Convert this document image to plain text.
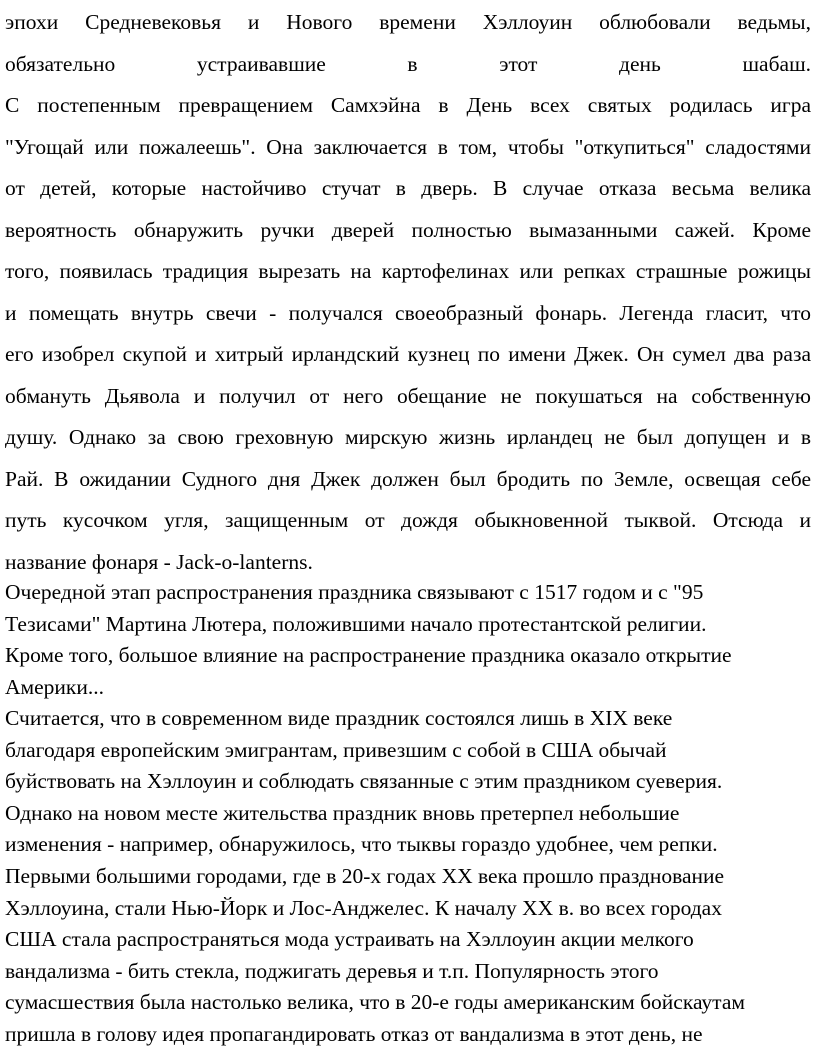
эпохи Средневековья и Нового времени Хэллоуин облюбовали ведьмы,
обязательно устраивавшие в этот день шабаш.
С постепенным превращением Самхэйна в День всех святых родилась игра
"Угощай или пожалеешь". Она заключается в том, чтобы "откупиться" сладостями
от детей, которые настойчиво стучат в дверь. В случае отказа весьма велика
вероятность обнаружить ручки дверей полностью вымазанными сажей. Кроме
того, появилась традиция вырезать на картофелинах или репках страшные рожицы
и помещать внутрь свечи - получался своеобразный фонарь. Легенда гласит, что
его изобрел скупой и хитрый ирландский кузнец по имени Джек. Он сумел два раза
обмануть Дьявола и получил от него обещание не покушаться на собственную
душу. Однако за свою греховную мирскую жизнь ирландец не был допущен и в
Рай. В ожидании Судного дня Джек должен был бродить по Земле, освещая себе
путь кусочком угля, защищенным от дождя обыкновенной тыквой. Отсюда и
название фонаря - Jack-o-lanterns.
Очередной этап распространения праздника связывают с 1517 годом и с "95
Тезисами" Мартина Лютера, положившими начало протестантской религии.
Кроме того, большое влияние на распространение праздника оказало открытие
Америки...
Считается, что в современном виде праздник состоялся лишь в XIX веке
благодаря европейским эмигрантам, привезшим с собой в США обычай
буйствовать на Хэллоуин и соблюдать связанные с этим праздником суеверия.
Однако на новом месте жительства праздник вновь претерпел небольшие
изменения - например, обнаружилось, что тыквы гораздо удобнее, чем репки.
Первыми большими городами, где в 20-х годах XX века прошло празднование
Хэллоуина, стали Нью-Йорк и Лос-Анджелес. К началу XX в. во всех городах
США стала распространяться мода устраивать на Хэллоуин акции мелкого
вандализма - бить стекла, поджигать деревья и т.п. Популярность этого
сумасшествия была настолько велика, что в 20-е годы американским бойскаутам
пришла в голову идея пропагандировать отказ от вандализма в этот день, не
